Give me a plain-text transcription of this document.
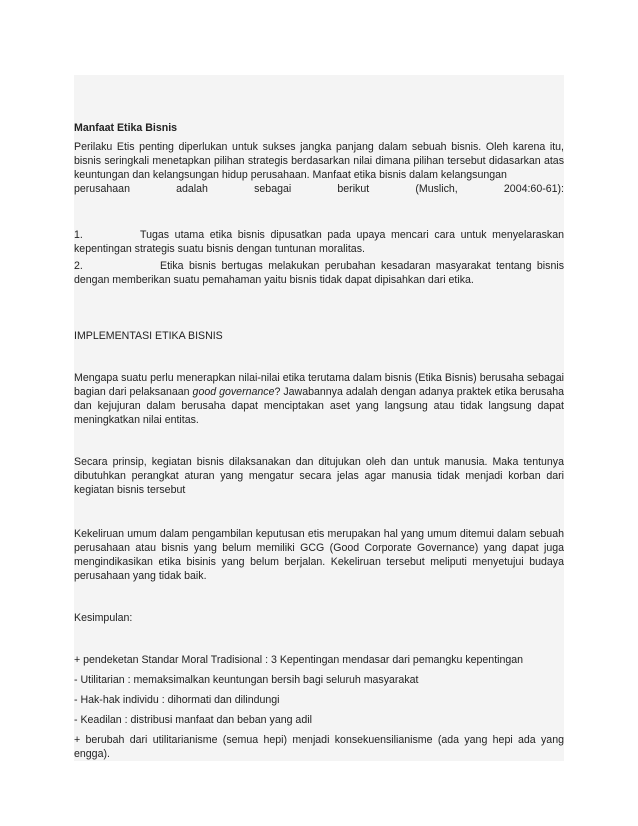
Manfaat Etika Bisnis

Perilaku Etis penting diperlukan untuk sukses jangka panjang dalam sebuah bisnis. Oleh karena itu, bisnis seringkali menetapkan pilihan strategis berdasarkan nilai dimana pilihan tersebut didasarkan atas keuntungan dan kelangsungan hidup perusahaan. Manfaat etika bisnis dalam kelangsungan

perusahaan adalah sebagai berikut (Muslich, 2004:60-61):

1.	Tugas utama etika bisnis dipusatkan pada upaya mencari cara untuk menyelaraskan kepentingan strategis suatu bisnis dengan tuntunan moralitas.

2.	Etika bisnis bertugas melakukan perubahan kesadaran masyarakat tentang bisnis dengan memberikan suatu pemahaman yaitu bisnis tidak dapat dipisahkan dari etika.

IMPLEMENTASI ETIKA BISNIS

Mengapa suatu perlu menerapkan nilai-nilai etika terutama dalam bisnis (Etika Bisnis) berusaha sebagai bagian dari pelaksanaan good governance? Jawabannya adalah dengan adanya praktek etika berusaha dan kejujuran dalam berusaha dapat menciptakan aset yang langsung atau tidak langsung dapat meningkatkan nilai entitas.

Secara prinsip, kegiatan bisnis dilaksanakan dan ditujukan oleh dan untuk manusia. Maka tentunya dibutuhkan perangkat aturan yang mengatur secara jelas agar manusia tidak menjadi korban dari kegiatan bisnis tersebut

Kekeliruan umum dalam pengambilan keputusan etis merupakan hal yang umum ditemui dalam sebuah perusahaan atau bisnis yang belum memiliki GCG (Good Corporate Governance) yang dapat juga mengindikasikan etika bisinis yang belum berjalan. Kekeliruan tersebut meliputi menyetujui budaya perusahaan yang tidak baik.

Kesimpulan:

+ pendeketan Standar Moral Tradisional : 3 Kepentingan mendasar dari pemangku kepentingan

- Utilitarian : memaksimalkan keuntungan bersih bagi seluruh masyarakat

- Hak-hak individu : dihormati dan dilindungi

- Keadilan : distribusi manfaat dan beban yang adil

+ berubah dari utilitarianisme (semua hepi) menjadi konsekuensilianisme (ada yang hepi ada yang engga).
